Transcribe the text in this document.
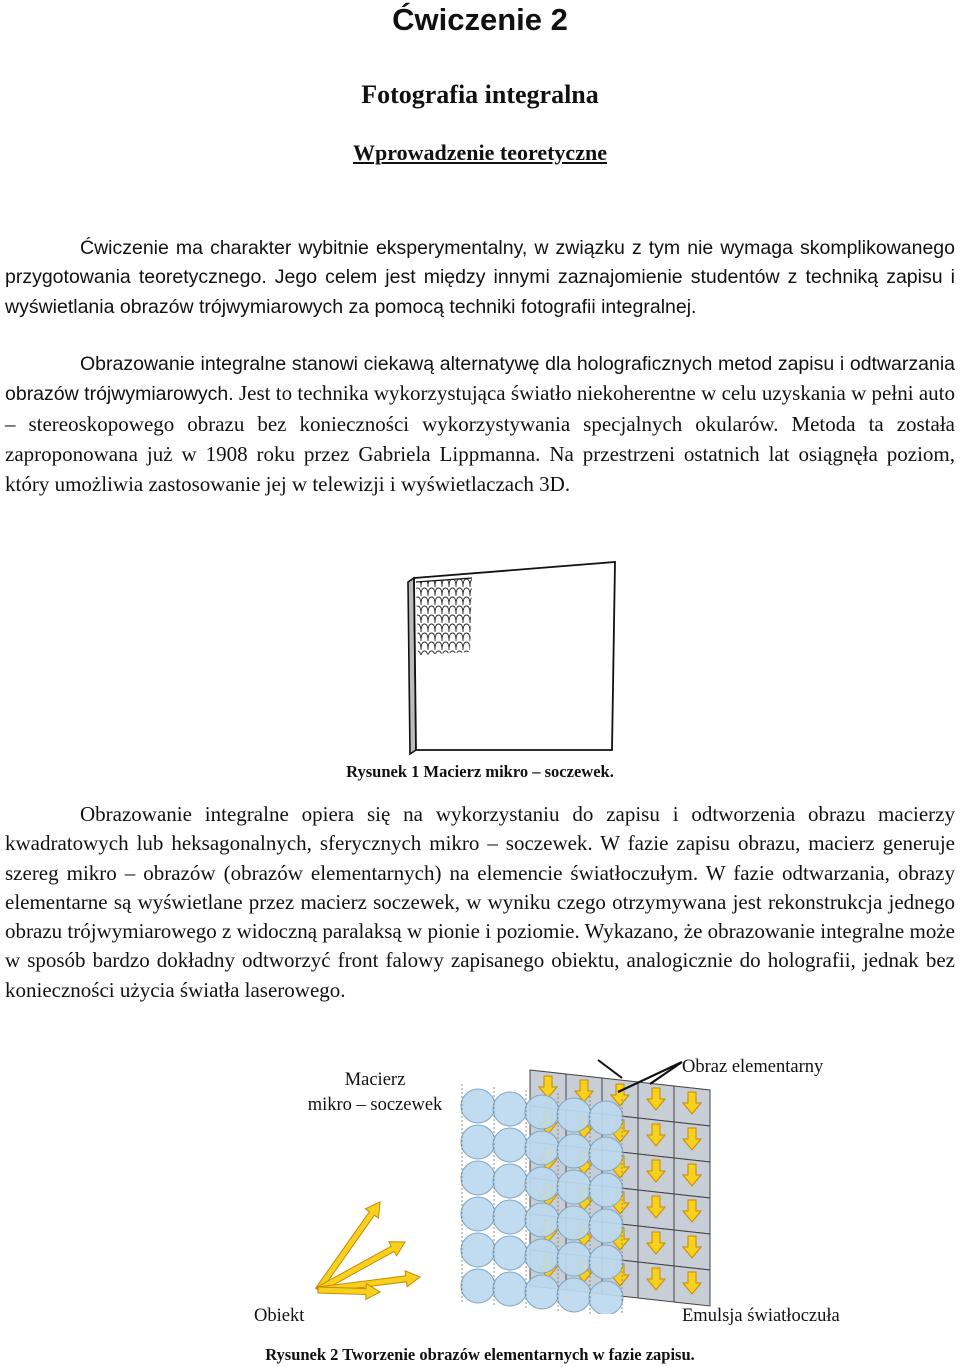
Ćwiczenie 2
Fotografia integralna
Wprowadzenie teoretyczne
Ćwiczenie ma charakter wybitnie eksperymentalny, w związku z tym nie wymaga skomplikowanego przygotowania teoretycznego. Jego celem jest między innymi zaznajomienie studentów z techniką zapisu i wyświetlania obrazów trójwymiarowych za pomocą techniki fotografii integralnej.
Obrazowanie integralne stanowi ciekawą alternatywę dla holograficznych metod zapisu i odtwarzania obrazów trójwymiarowych. Jest to technika wykorzystująca światło niekoherentne w celu uzyskania w pełni auto – stereoskopowego obrazu bez konieczności wykorzystywania specjalnych okularów. Metoda ta została zaproponowana już w 1908 roku przez Gabriela Lippmanna. Na przestrzeni ostatnich lat osiągnęła poziom, który umożliwia zastosowanie jej w telewizji i wyświetlaczach 3D.
Rysunek 1 Macierz mikro – soczewek.
Obrazowanie integralne opiera się na wykorzystaniu do zapisu i odtworzenia obrazu macierzy kwadratowych lub heksagonalnych, sferycznych mikro – soczewek. W fazie zapisu obrazu, macierz generuje szereg mikro – obrazów (obrazów elementarnych) na elemencie światłoczułym. W fazie odtwarzania, obrazy elementarne są wyświetlane przez macierz soczewek, w wyniku czego otrzymywana jest rekonstrukcja jednego obrazu trójwymiarowego z widoczną paralaksą w pionie i poziomie. Wykazano, że obrazowanie integralne może w sposób bardzo dokładny odtworzyć front falowy zapisanego obiektu, analogicznie do holografii, jednak bez konieczności użycia światła laserowego.
Macierz
mikro – soczewek
Obraz elementarny
Obiekt	Emulsja światłoczuła
Rysunek 2 Tworzenie obrazów elementarnych w fazie zapisu.
